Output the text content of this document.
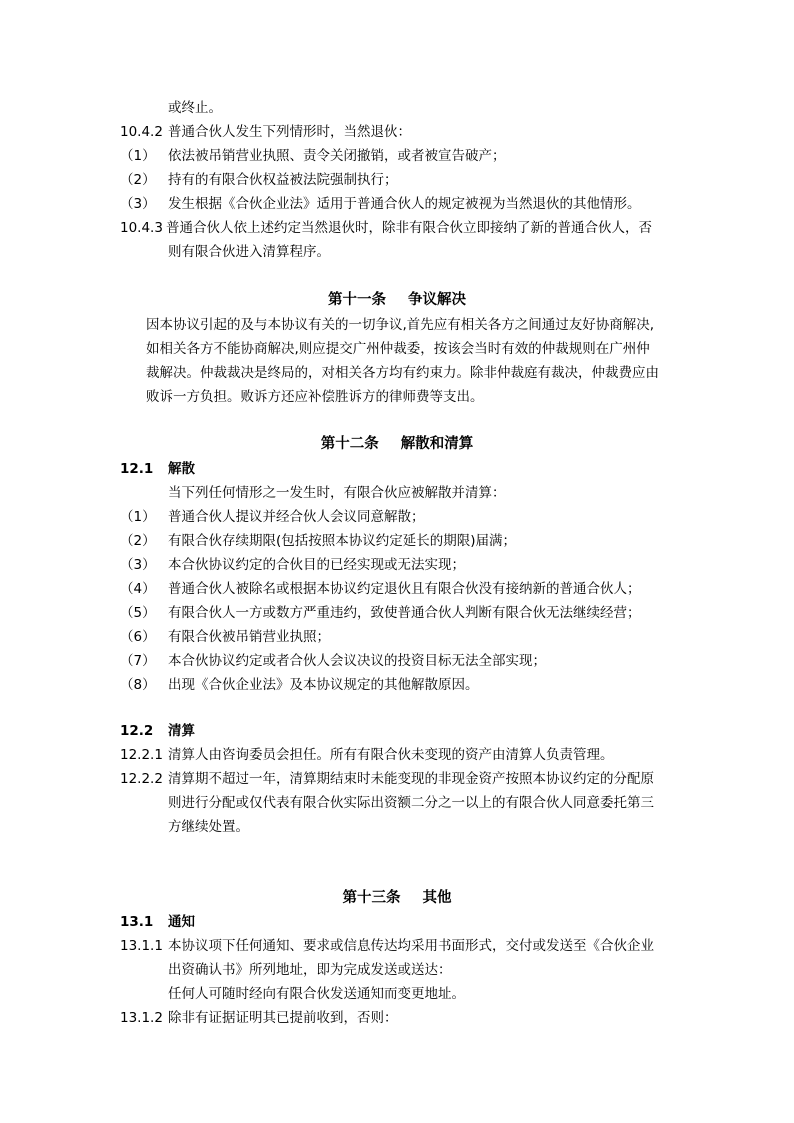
或终止。
10.4.2 普通合伙人发生下列情形时，当然退伙：
（1） 依法被吊销营业执照、责令关闭撤销，或者被宣告破产；
（2） 持有的有限合伙权益被法院强制执行；
（3） 发生根据《合伙企业法》适用于普通合伙人的规定被视为当然退伙的其他情形。
10.4.3 普通合伙人依上述约定当然退伙时，除非有限合伙立即接纳了新的普通合伙人，否
则有限合伙进入清算程序。
第十一条 争议解决
因本协议引起的及与本协议有关的一切争议,首先应有相关各方之间通过友好协商解决,
如相关各方不能协商解决,则应提交广州仲裁委，按该会当时有效的仲裁规则在广州仲
裁解决。仲裁裁决是终局的，对相关各方均有约束力。除非仲裁庭有裁决，仲裁费应由
败诉一方负担。败诉方还应补偿胜诉方的律师费等支出。
第十二条 解散和清算
12.1 解散
当下列任何情形之一发生时，有限合伙应被解散并清算：
（1） 普通合伙人提议并经合伙人会议同意解散；
（2） 有限合伙存续期限(包括按照本协议约定延长的期限)届满；
（3） 本合伙协议约定的合伙目的已经实现或无法实现；
（4） 普通合伙人被除名或根据本协议约定退伙且有限合伙没有接纳新的普通合伙人；
（5） 有限合伙人一方或数方严重违约，致使普通合伙人判断有限合伙无法继续经营；
（6） 有限合伙被吊销营业执照；
（7） 本合伙协议约定或者合伙人会议决议的投资目标无法全部实现；
（8） 出现《合伙企业法》及本协议规定的其他解散原因。
12.2 清算
12.2.1 清算人由咨询委员会担任。所有有限合伙未变现的资产由清算人负责管理。
12.2.2 清算期不超过一年，清算期结束时未能变现的非现金资产按照本协议约定的分配原
则进行分配或仅代表有限合伙实际出资额二分之一以上的有限合伙人同意委托第三
方继续处置。
第十三条 其他
13.1 通知
13.1.1 本协议项下任何通知、要求或信息传达均采用书面形式，交付或发送至《合伙企业
出资确认书》所列地址，即为完成发送或送达：
任何人可随时经向有限合伙发送通知而变更地址。
13.1.2 除非有证据证明其已提前收到，否则：
